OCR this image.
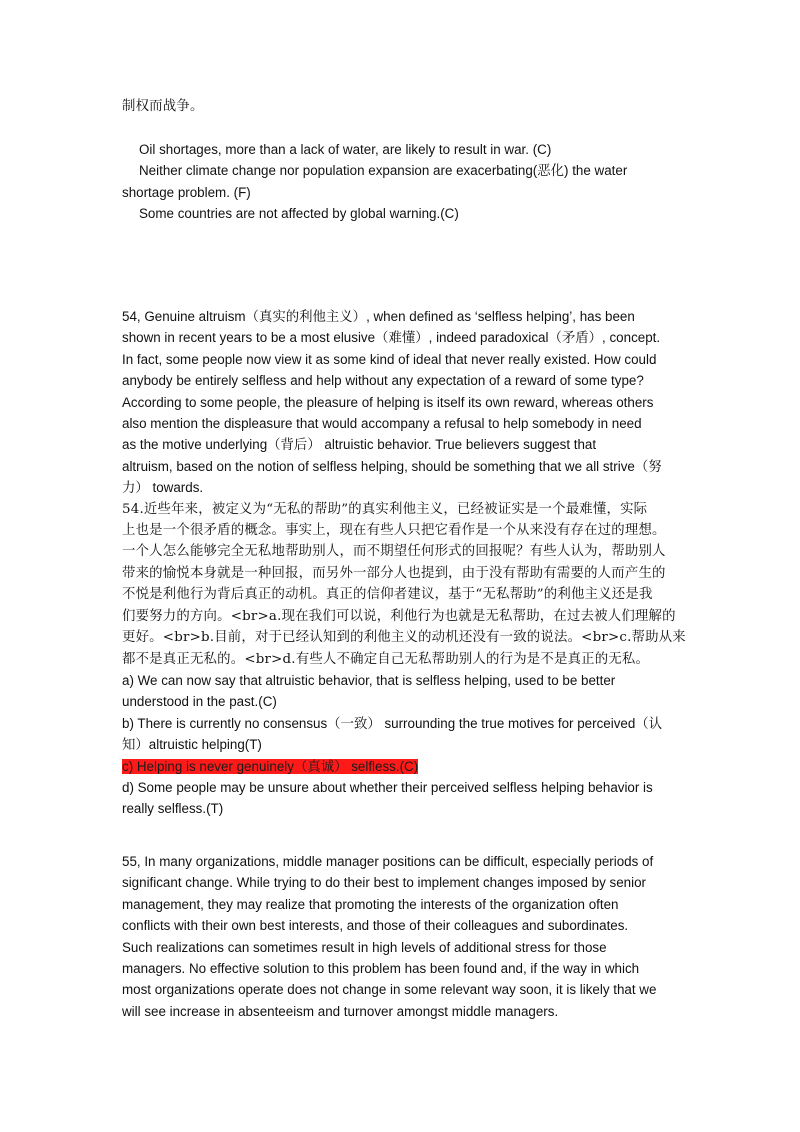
制权而战争。
Oil shortages, more than a lack of water, are likely to result in war. (C)
Neither climate change nor population expansion are exacerbating(恶化) the water
shortage problem. (F)
Some countries are not affected by global warning.(C)
54, Genuine altruism（真实的利他主义）, when defined as ‘selfless helping’, has been
shown in recent years to be a most elusive（难懂）, indeed paradoxical（矛盾）, concept.
In fact, some people now view it as some kind of ideal that never really existed. How could
anybody be entirely selfless and help without any expectation of a reward of some type?
According to some people, the pleasure of helping is itself its own reward, whereas others
also mention the displeasure that would accompany a refusal to help somebody in need
as the motive underlying（背后） altruistic behavior. True believers suggest that
altruism, based on the notion of selfless helping, should be something that we all strive（努
力） towards.
54.近些年来，被定义为“无私的帮助”的真实利他主义，已经被证实是一个最难懂，实际
上也是一个很矛盾的概念。事实上，现在有些人只把它看作是一个从来没有存在过的理想。
一个人怎么能够完全无私地帮助别人，而不期望任何形式的回报呢？有些人认为，帮助别人
带来的愉悦本身就是一种回报，而另外一部分人也提到，由于没有帮助有需要的人而产生的
不悦是利他行为背后真正的动机。真正的信仰者建议，基于“无私帮助”的利他主义还是我
们要努力的方向。<br>a.现在我们可以说，利他行为也就是无私帮助，在过去被人们理解的
更好。<br>b.目前，对于已经认知到的利他主义的动机还没有一致的说法。<br>c.帮助从来
都不是真正无私的。<br>d.有些人不确定自己无私帮助别人的行为是不是真正的无私。
a) We can now say that altruistic behavior, that is selfless helping, used to be better
understood in the past.(C)
b) There is currently no consensus（一致） surrounding the true motives for perceived（认
知）altruistic helping(T)
c) Helping is never genuinely（真诚） selfless.(C)
d) Some people may be unsure about whether their perceived selfless helping behavior is
really selfless.(T)
55, In many organizations, middle manager positions can be difficult, especially periods of
significant change. While trying to do their best to implement changes imposed by senior
management, they may realize that promoting the interests of the organization often
conflicts with their own best interests, and those of their colleagues and subordinates.
Such realizations can sometimes result in high levels of additional stress for those
managers. No effective solution to this problem has been found and, if the way in which
most organizations operate does not change in some relevant way soon, it is likely that we
will see increase in absenteeism and turnover amongst middle managers.
